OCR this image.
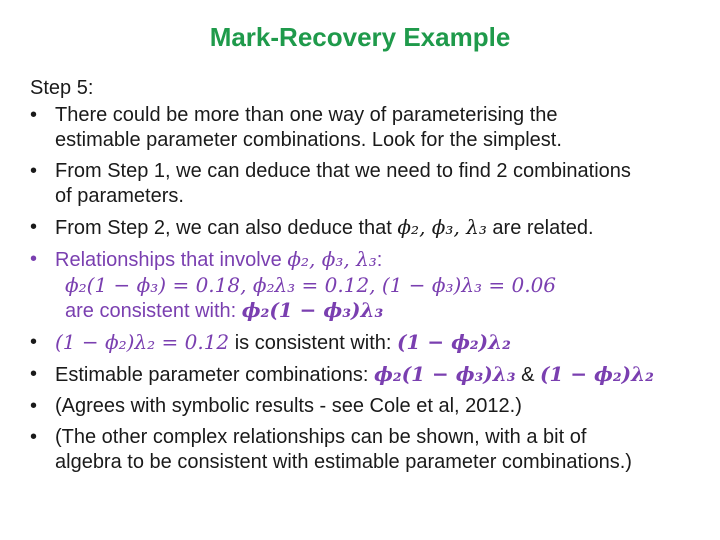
Mark-Recovery Example
Step 5:
• There could be more than one way of parameterising the
estimable parameter combinations. Look for the simplest.
• From Step 1, we can deduce that we need to find 2 combinations
of parameters.
• From Step 2, we can also deduce that ϕ₂, ϕ₃, λ₃ are related.
• Relationships that involve ϕ₂, ϕ₃, λ₃:
ϕ₂(1 − ϕ₃) = 0.18, ϕ₂λ₃ = 0.12, (1 − ϕ₃)λ₃ = 0.06
are consistent with: ϕ₂(1 − ϕ₃)λ₃
• (1 − ϕ₂)λ₂ = 0.12 is consistent with: (1 − ϕ₂)λ₂
• Estimable parameter combinations: ϕ₂(1 − ϕ₃)λ₃ & (1 − ϕ₂)λ₂
• (Agrees with symbolic results - see Cole et al, 2012.)
• (The other complex relationships can be shown, with a bit of
algebra to be consistent with estimable parameter combinations.)
